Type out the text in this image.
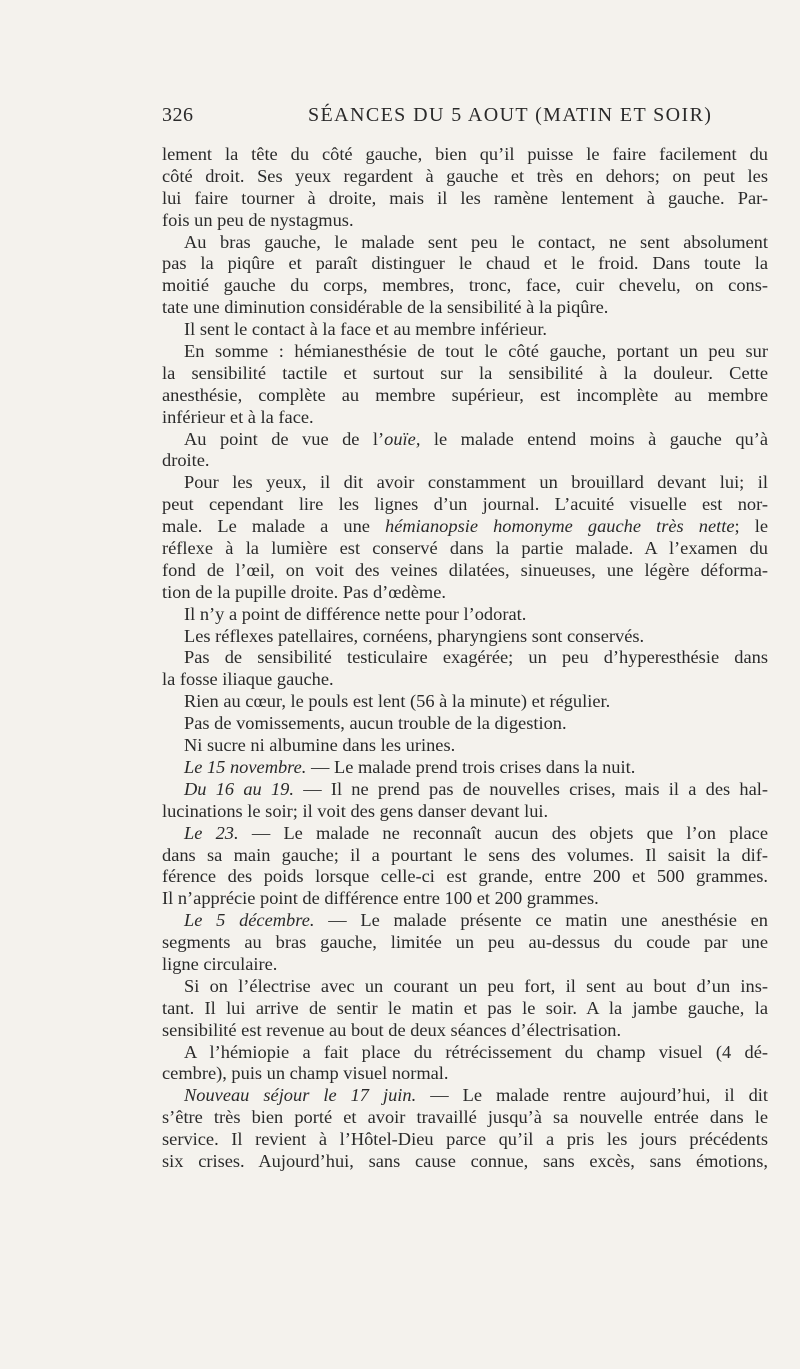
326	SÉANCES DU 5 AOUT (MATIN ET SOIR)
lement la tête du côté gauche, bien qu’il puisse le faire facilement du
côté droit. Ses yeux regardent à gauche et très en dehors; on peut les
lui faire tourner à droite, mais il les ramène lentement à gauche. Par-
fois un peu de nystagmus.
Au bras gauche, le malade sent peu le contact, ne sent absolument
pas la piqûre et paraît distinguer le chaud et le froid. Dans toute la
moitié gauche du corps, membres, tronc, face, cuir chevelu, on cons-
tate une diminution considérable de la sensibilité à la piqûre.
Il sent le contact à la face et au membre inférieur.
En somme : hémianesthésie de tout le côté gauche, portant un peu sur
la sensibilité tactile et surtout sur la sensibilité à la douleur. Cette
anesthésie, complète au membre supérieur, est incomplète au membre
inférieur et à la face.
Au point de vue de l’ouïe, le malade entend moins à gauche qu’à
droite.
Pour les yeux, il dit avoir constamment un brouillard devant lui; il
peut cependant lire les lignes d’un journal. L’acuité visuelle est nor-
male. Le malade a une hémianopsie homonyme gauche très nette; le
réflexe à la lumière est conservé dans la partie malade. A l’examen du
fond de l’œil, on voit des veines dilatées, sinueuses, une légère déforma-
tion de la pupille droite. Pas d’œdème.
Il n’y a point de différence nette pour l’odorat.
Les réflexes patellaires, cornéens, pharyngiens sont conservés.
Pas de sensibilité testiculaire exagérée; un peu d’hyperesthésie dans
la fosse iliaque gauche.
Rien au cœur, le pouls est lent (56 à la minute) et régulier.
Pas de vomissements, aucun trouble de la digestion.
Ni sucre ni albumine dans les urines.
Le 15 novembre. — Le malade prend trois crises dans la nuit.
Du 16 au 19. — Il ne prend pas de nouvelles crises, mais il a des hal-
lucinations le soir; il voit des gens danser devant lui.
Le 23. — Le malade ne reconnaît aucun des objets que l’on place
dans sa main gauche; il a pourtant le sens des volumes. Il saisit la dif-
férence des poids lorsque celle-ci est grande, entre 200 et 500 grammes.
Il n’apprécie point de différence entre 100 et 200 grammes.
Le 5 décembre. — Le malade présente ce matin une anesthésie en
segments au bras gauche, limitée un peu au-dessus du coude par une
ligne circulaire.
Si on l’électrise avec un courant un peu fort, il sent au bout d’un ins-
tant. Il lui arrive de sentir le matin et pas le soir. A la jambe gauche, la
sensibilité est revenue au bout de deux séances d’électrisation.
A l’hémiopie a fait place du rétrécissement du champ visuel (4 dé-
cembre), puis un champ visuel normal.
Nouveau séjour le 17 juin. — Le malade rentre aujourd’hui, il dit
s’être très bien porté et avoir travaillé jusqu’à sa nouvelle entrée dans le
service. Il revient à l’Hôtel-Dieu parce qu’il a pris les jours précédents
six crises. Aujourd’hui, sans cause connue, sans excès, sans émotions,
